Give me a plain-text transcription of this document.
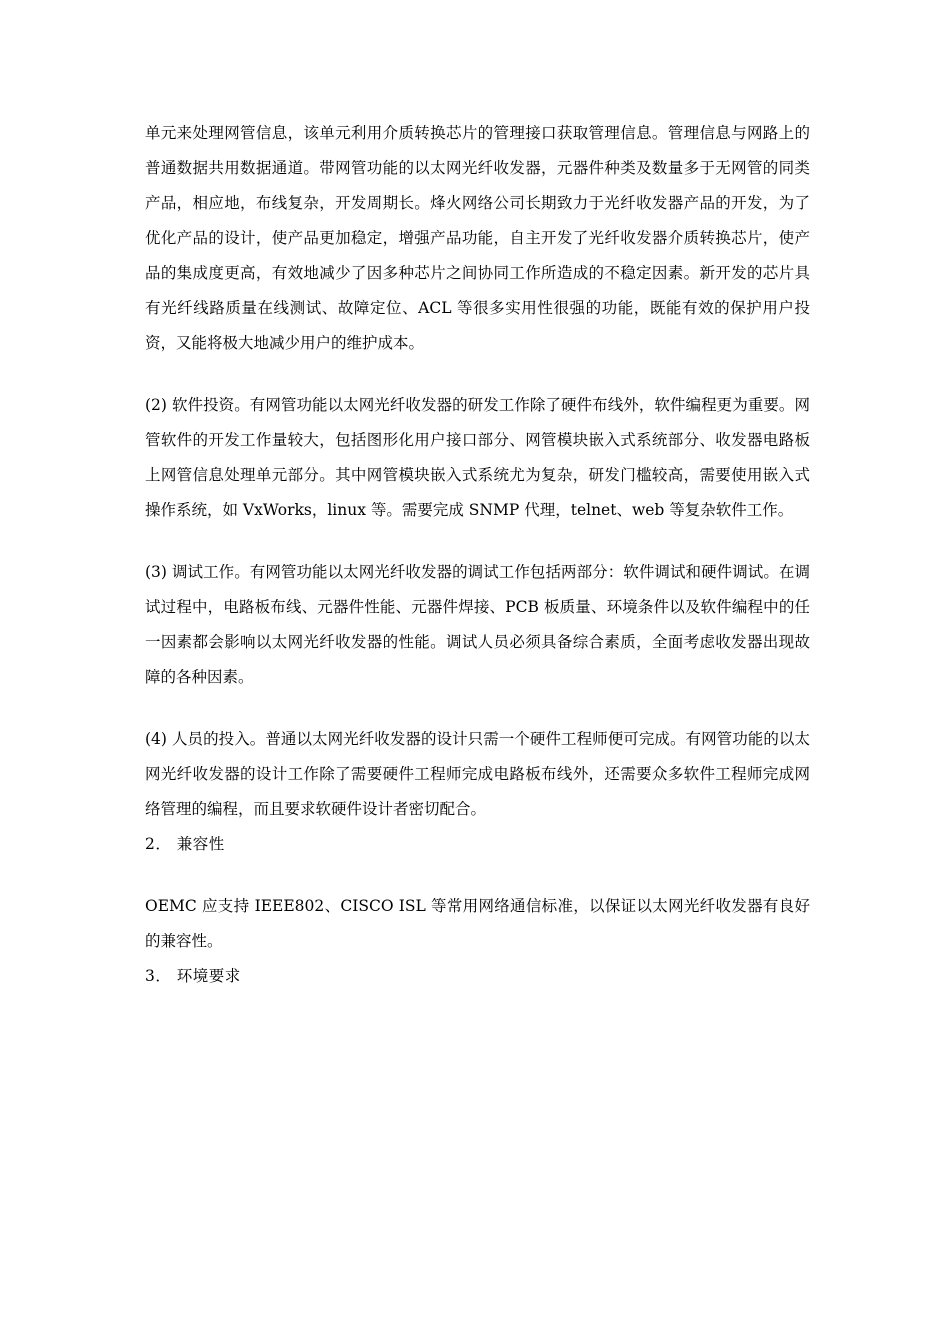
单元来处理网管信息，该单元利用介质转换芯片的管理接口获取管理信息。管理信息与网路上的普通数据共用数据通道。带网管功能的以太网光纤收发器，元器件种类及数量多于无网管的同类产品，相应地，布线复杂，开发周期长。烽火网络公司长期致力于光纤收发器产品的开发，为了优化产品的设计，使产品更加稳定，增强产品功能，自主开发了光纤收发器介质转换芯片，使产品的集成度更高，有效地减少了因多种芯片之间协同工作所造成的不稳定因素。新开发的芯片具有光纤线路质量在线测试、故障定位、ACL 等很多实用性很强的功能，既能有效的保护用户投资，又能将极大地减少用户的维护成本。

(2) 软件投资。有网管功能以太网光纤收发器的研发工作除了硬件布线外，软件编程更为重要。网管软件的开发工作量较大，包括图形化用户接口部分、网管模块嵌入式系统部分、收发器电路板上网管信息处理单元部分。其中网管模块嵌入式系统尤为复杂，研发门槛较高，需要使用嵌入式操作系统，如 VxWorks，linux 等。需要完成 SNMP 代理，telnet、web 等复杂软件工作。

(3) 调试工作。有网管功能以太网光纤收发器的调试工作包括两部分：软件调试和硬件调试。在调试过程中，电路板布线、元器件性能、元器件焊接、PCB 板质量、环境条件以及软件编程中的任一因素都会影响以太网光纤收发器的性能。调试人员必须具备综合素质，全面考虑收发器出现故障的各种因素。

(4) 人员的投入。普通以太网光纤收发器的设计只需一个硬件工程师便可完成。有网管功能的以太网光纤收发器的设计工作除了需要硬件工程师完成电路板布线外，还需要众多软件工程师完成网络管理的编程，而且要求软硬件设计者密切配合。

2． 兼容性

OEMC 应支持 IEEE802、CISCO ISL 等常用网络通信标准，以保证以太网光纤收发器有良好的兼容性。

3． 环境要求
